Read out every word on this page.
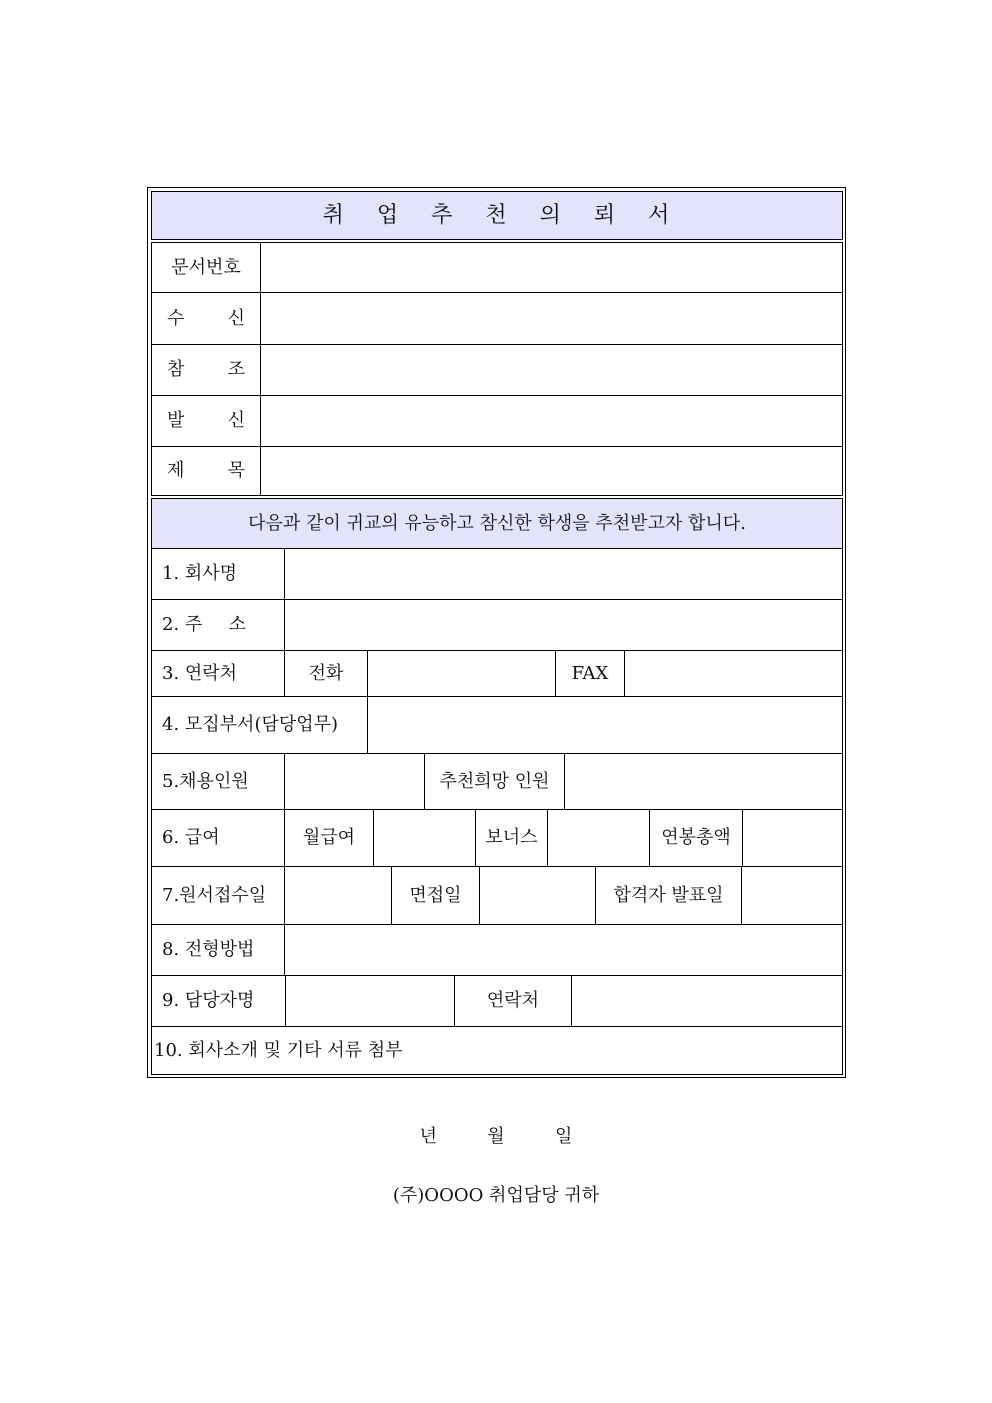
취 업 추 천 의 뢰 서
문서번호
수 신
참 조
발 신
제 목
다음과 같이 귀교의 유능하고 참신한 학생을 추천받고자 합니다.
1. 회사명
2. 주 소
3. 연락처	전화	FAX
4. 모집부서(담당업무)
5.채용인원	추천희망 인원
6. 급여	월급여	보너스	연봉총액
7.원서접수일	면접일	합격자 발표일
8. 전형방법
9. 담당자명	연락처
10. 회사소개 및 기타 서류 첨부
년	월	일
(주)OOOO 취업담당 귀하
